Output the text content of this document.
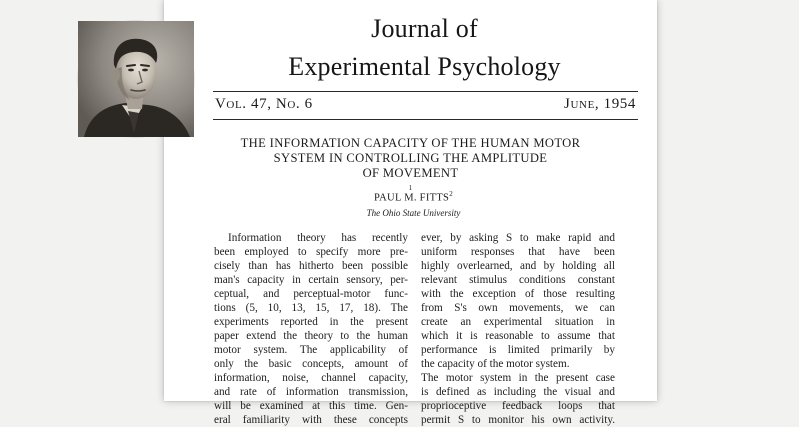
Journal of
Experimental Psychology
Vol. 47, No. 6	June, 1954
THE INFORMATION CAPACITY OF THE HUMAN MOTOR
SYSTEM IN CONTROLLING THE AMPLITUDE
OF MOVEMENT
1
PAUL M. FITTS$^2$
The Ohio State University
Information theory has recently
been employed to specify more pre-
cisely than has hitherto been possible
man's capacity in certain sensory, per-
ceptual, and perceptual-motor func-
tions (5, 10, 13, 15, 17, 18). The
experiments reported in the present
paper extend the theory to the human
motor system. The applicability of
only the basic concepts, amount of
information, noise, channel capacity,
and rate of information transmission,
will be examined at this time. Gen-
eral familiarity with these concepts
ever, by asking S to make rapid and
uniform responses that have been
highly overlearned, and by holding all
relevant stimulus conditions constant
with the exception of those resulting
from S's own movements, we can
create an experimental situation in
which it is reasonable to assume that
performance is limited primarily by
the capacity of the motor system.
The motor system in the present case
is defined as including the visual and
proprioceptive feedback loops that
permit S to monitor his own activity.
